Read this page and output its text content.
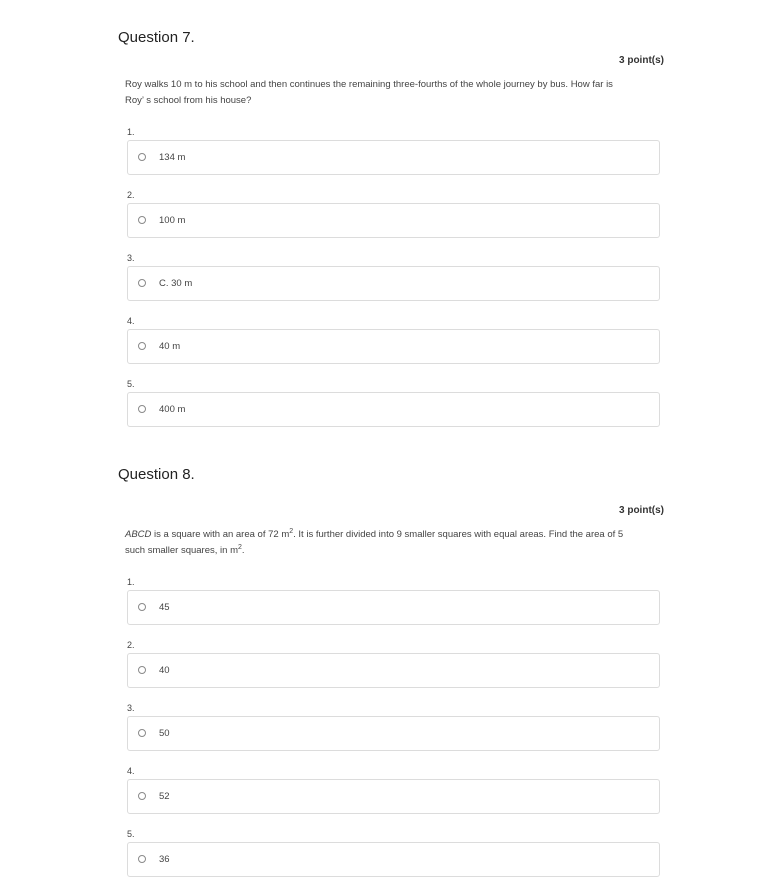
Question 7.
3 point(s)
Roy walks 10 m to his school and then continues the remaining three-fourths of the whole journey by bus. How far is
Roy’ s school from his house?
1.
134 m
2.
100 m
3.
C. 30 m
4.
40 m
5.
400 m
Question 8.
3 point(s)
ABCD is a square with an area of 72 $m^2$. It is further divided into 9 smaller squares with equal areas. Find the area of 5
such smaller squares, in $m^2$.
1.
45
2.
40
3.
50
4.
52
5.
36
